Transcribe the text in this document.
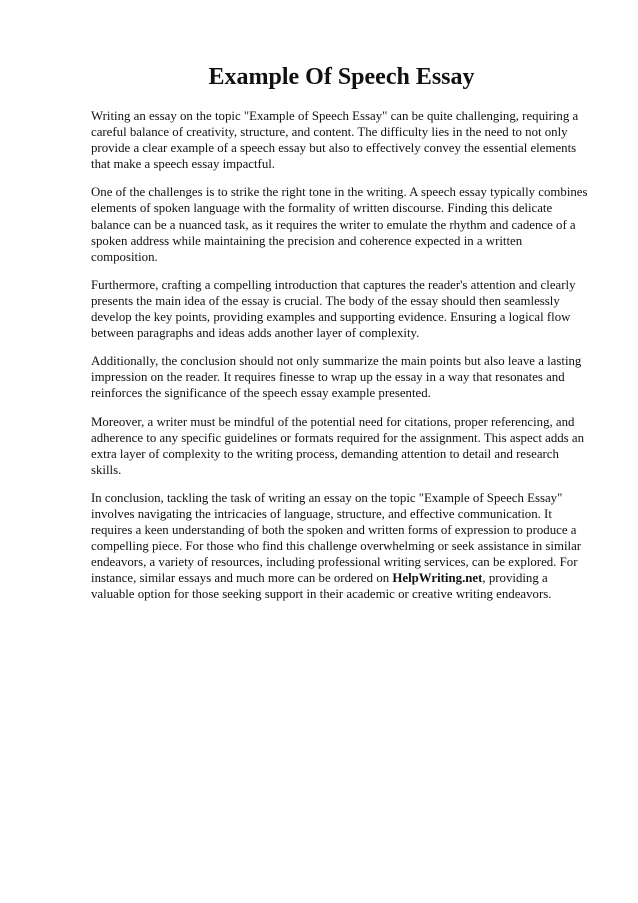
Example Of Speech Essay

Writing an essay on the topic "Example of Speech Essay" can be quite challenging, requiring a careful balance of creativity, structure, and content. The difficulty lies in the need to not only provide a clear example of a speech essay but also to effectively convey the essential elements that make a speech essay impactful.

One of the challenges is to strike the right tone in the writing. A speech essay typically combines elements of spoken language with the formality of written discourse. Finding this delicate balance can be a nuanced task, as it requires the writer to emulate the rhythm and cadence of a spoken address while maintaining the precision and coherence expected in a written composition.

Furthermore, crafting a compelling introduction that captures the reader's attention and clearly presents the main idea of the essay is crucial. The body of the essay should then seamlessly develop the key points, providing examples and supporting evidence. Ensuring a logical flow between paragraphs and ideas adds another layer of complexity.

Additionally, the conclusion should not only summarize the main points but also leave a lasting impression on the reader. It requires finesse to wrap up the essay in a way that resonates and reinforces the significance of the speech essay example presented.

Moreover, a writer must be mindful of the potential need for citations, proper referencing, and adherence to any specific guidelines or formats required for the assignment. This aspect adds an extra layer of complexity to the writing process, demanding attention to detail and research skills.

In conclusion, tackling the task of writing an essay on the topic "Example of Speech Essay" involves navigating the intricacies of language, structure, and effective communication. It requires a keen understanding of both the spoken and written forms of expression to produce a compelling piece. For those who find this challenge overwhelming or seek assistance in similar endeavors, a variety of resources, including professional writing services, can be explored. For instance, similar essays and much more can be ordered on HelpWriting.net, providing a valuable option for those seeking support in their academic or creative writing endeavors.
